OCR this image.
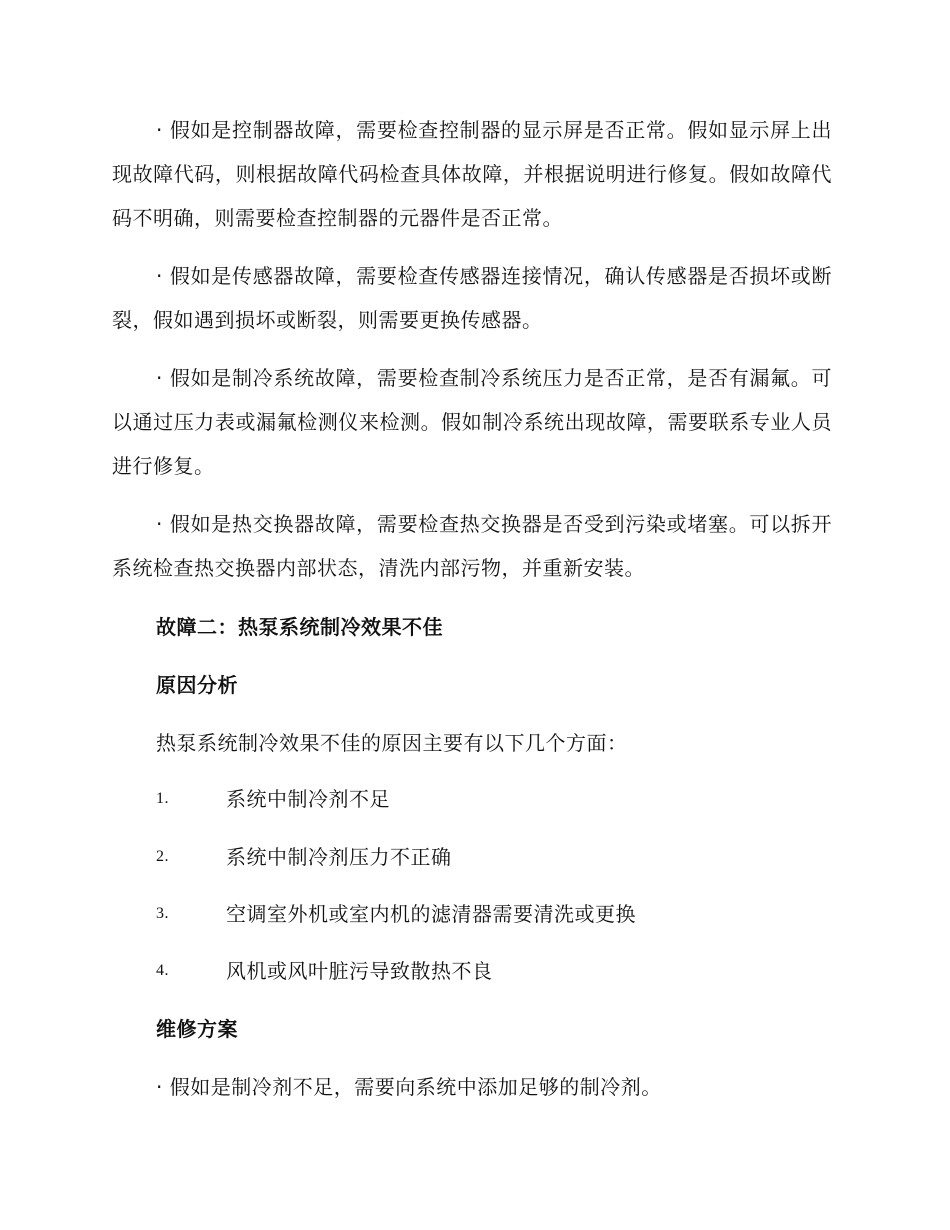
· 假如是控制器故障，需要检查控制器的显示屏是否正常。假如显示屏上出现故障代码，则根据故障代码检查具体故障，并根据说明进行修复。假如故障代码不明确，则需要检查控制器的元器件是否正常。

· 假如是传感器故障，需要检查传感器连接情况，确认传感器是否损坏或断裂，假如遇到损坏或断裂，则需要更换传感器。

· 假如是制冷系统故障，需要检查制冷系统压力是否正常，是否有漏氟。可以通过压力表或漏氟检测仪来检测。假如制冷系统出现故障，需要联系专业人员进行修复。

· 假如是热交换器故障，需要检查热交换器是否受到污染或堵塞。可以拆开系统检查热交换器内部状态，清洗内部污物，并重新安装。

故障二：热泵系统制冷效果不佳

原因分析

热泵系统制冷效果不佳的原因主要有以下几个方面：

1.	系统中制冷剂不足
2.	系统中制冷剂压力不正确
3.	空调室外机或室内机的滤清器需要清洗或更换
4.	风机或风叶脏污导致散热不良

维修方案

· 假如是制冷剂不足，需要向系统中添加足够的制冷剂。
